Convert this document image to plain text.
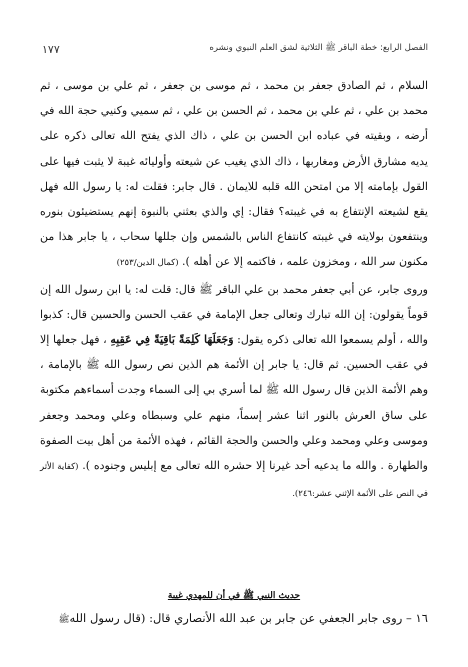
الفصل الرابع: خطة الباقر ﷺ الثلاثية لشق العلم النبوي ونشره
١٧٧

السلام ، ثم الصادق جعفر بن محمد ، ثم موسى بن جعفر ، ثم علي بن موسى ، ثم محمد بن علي ، ثم علي بن محمد ، ثم الحسن بن علي ، ثم سميي وكنيي حجة الله في أرضه ، وبقيته في عباده ابن الحسن بن علي ، ذاك الذي يفتح الله تعالى ذكره على يديه مشارق الأرض ومغاربها ، ذاك الذي يغيب عن شيعته وأوليائه غيبة لا يثبت فيها على القول بإمامته إلا من امتحن الله قلبه للايمان . قال جابر: فقلت له: يا رسول الله فهل يقع لشيعته الإنتفاع به في غيبته؟ فقال: إي والذي بعثني بالنبوة إنهم يستضيئون بنوره وينتفعون بولايته في غيبته كانتفاع الناس بالشمس وإن جللها سحاب ، يا جابر هذا من مكنون سر الله ، ومخزون علمه ، فاكتمه إلا عن أهله ). (كمال الدين/٢٥٣)

وروى جابر، عن أبي جعفر محمد بن علي الباقر ﷺ قال: قلت له: يا ابن رسول الله إن قوماً يقولون: إن الله تبارك وتعالى جعل الإمامة في عقب الحسن والحسين قال: كذبوا والله ، أولم يسمعوا الله تعالى ذكره يقول: وَجَعَلَهَا كَلِمَةً بَاقِيَةً فِي عَقِبِهِ ، فهل جعلها إلا في عقب الحسين. ثم قال: يا جابر إن الأئمة هم الذين نص رسول الله ﷺ بالإمامة ، وهم الأئمة الذين قال رسول الله ﷺ لما أسري بي إلى السماء وجدت أسماءهم مكتوبة على ساق العرش بالنور اثنا عشر إسماً، منهم علي وسبطاه وعلي ومحمد وجعفر وموسى وعلي ومحمد وعلي والحسن والحجة القائم ، فهذه الأئمة من أهل بيت الصفوة والطهارة . والله ما يدعيه أحد غيرنا إلا حشره الله تعالى مع إبليس وجنوده ). (كفاية الأثر في النص على الأئمة الإثني عشر:٢٤٦).

حديث النبي ﷺ في أن للمهدي غيبة
١٦ – روى جابر الجعفي عن جابر بن عبد الله الأنصاري قال: (قال رسول اللهﷺ
